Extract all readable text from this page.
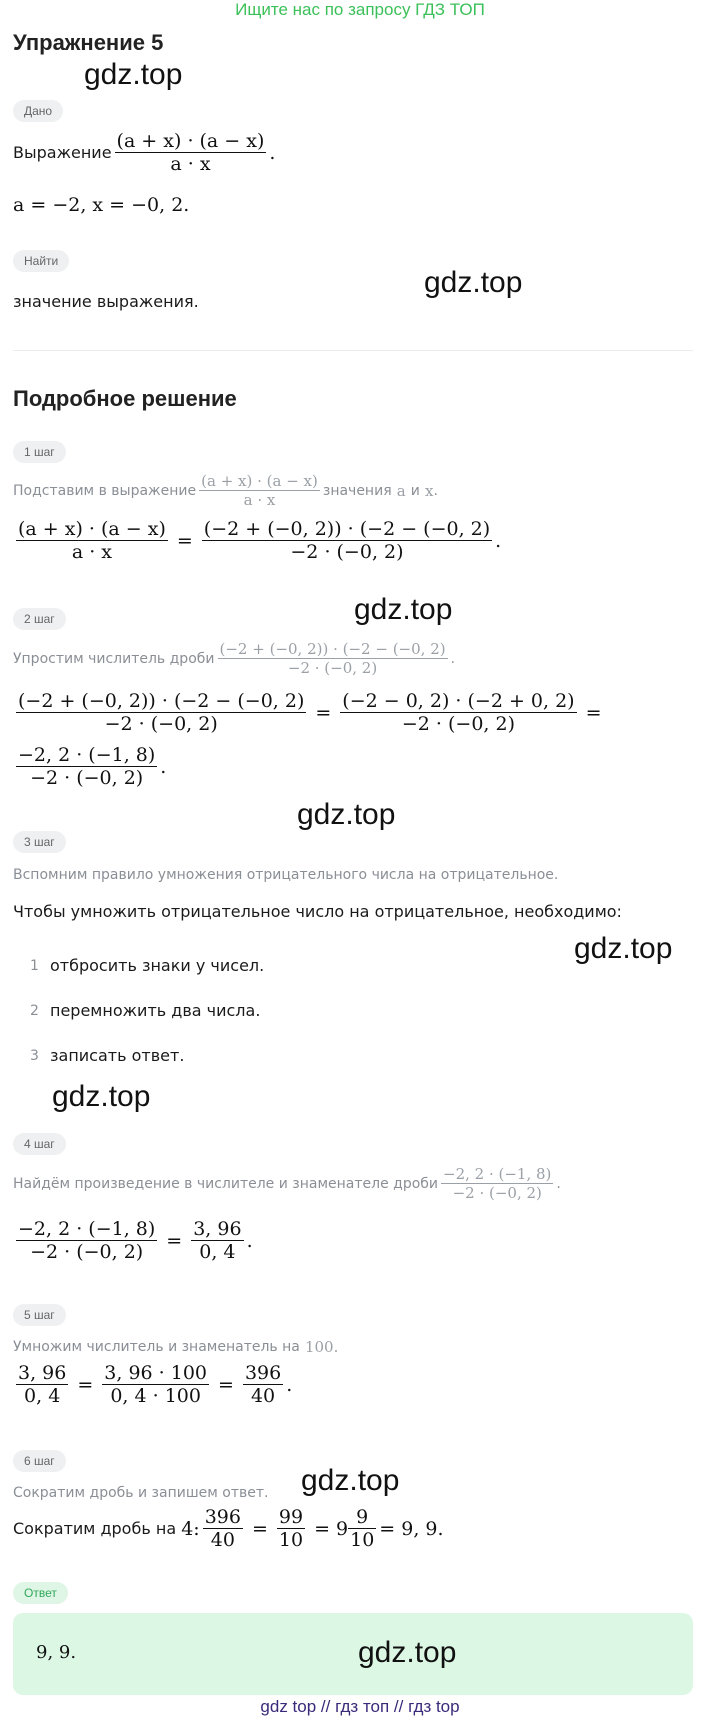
Ищите нас по запросу ГДЗ ТОП
Упражнение 5
gdz.top
Дано
Выражение $\frac{(a + x) \cdot (a - x)}{a \cdot x}$ .
a = −2, x = −0, 2.
Найти
значение выражения.
gdz.top
Подробное решение
1 шаг
Подставим в выражение $\frac{(a + x) \cdot (a - x)}{a \cdot x}$ значения
a
и
x .
$\frac{(a + x) \cdot (a - x)}{a \cdot x} = \frac{(-2 + (-0, 2)) \cdot (-2 - (-0, 2)}{-2 \cdot (-0, 2)}$ .
gdz.top
2 шаг
Упростим числитель дроби $\frac{(-2 + (-0, 2)) \cdot (-2 - (-0, 2)}{-2 \cdot (-0, 2)}$ .
$\frac{(-2 + (-0, 2)) \cdot (-2 - (-0, 2)}{-2 \cdot (-0, 2)} = \frac{(-2 - 0, 2) \cdot (-2 + 0, 2)}{-2 \cdot (-0, 2)}$ =
$\frac{-2, 2 \cdot (-1, 8)}{-2 \cdot (-0, 2)}$ .
gdz.top
3 шаг
Вспомним правило умножения отрицательного числа на отрицательное.
Чтобы умножить отрицательное число на отрицательное, необходимо:
gdz.top
1 отбросить знаки у чисел.
2 перемножить два числа.
3 записать ответ.
gdz.top
4 шаг
Найдём произведение в числителе и знаменателе дроби $\frac{-2, 2 \cdot (-1, 8)}{-2 \cdot (-0, 2)}$ .
$\frac{-2, 2 \cdot (-1, 8)}{-2 \cdot (-0, 2)} = \frac{3, 96}{0, 4}$ .
5 шаг
Умножим числитель и знаменатель на
100.
$\frac{3, 96}{0, 4} = \frac{3, 96 \cdot 100}{0, 4 \cdot 100} = \frac{396}{40}$ .
6 шаг
Сократим дробь и запишем ответ. gdz.top
Сократим дробь на
4: $\frac{396}{40} = \frac{99}{10} = 9 \frac{9}{10} = 9$, 9.
Ответ
9, 9.	gdz.top
gdz top // гдз топ // гдз top
